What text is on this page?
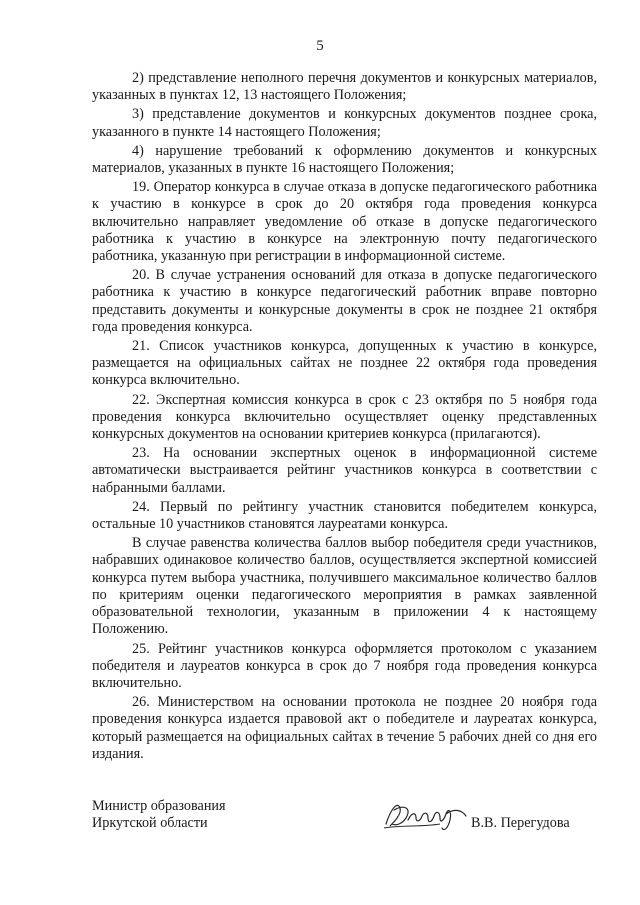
5

2) представление неполного перечня документов и конкурсных материалов, указанных в пунктах 12, 13 настоящего Положения;

3) представление документов и конкурсных документов позднее срока, указанного в пункте 14 настоящего Положения;

4) нарушение требований к оформлению документов и конкурсных материалов, указанных в пункте 16 настоящего Положения;

19. Оператор конкурса в случае отказа в допуске педагогического работника к участию в конкурсе в срок до 20 октября года проведения конкурса включительно направляет уведомление об отказе в допуске педагогического работника к участию в конкурсе на электронную почту педагогического работника, указанную при регистрации в информационной системе.

20. В случае устранения оснований для отказа в допуске педагогического работника к участию в конкурсе педагогический работник вправе повторно представить документы и конкурсные документы в срок не позднее 21 октября года проведения конкурса.

21. Список участников конкурса, допущенных к участию в конкурсе, размещается на официальных сайтах не позднее 22 октября года проведения конкурса включительно.

22. Экспертная комиссия конкурса в срок с 23 октября по 5 ноября года проведения конкурса включительно осуществляет оценку представленных конкурсных документов на основании критериев конкурса (прилагаются).

23. На основании экспертных оценок в информационной системе автоматически выстраивается рейтинг участников конкурса в соответствии с набранными баллами.

24. Первый по рейтингу участник становится победителем конкурса, остальные 10 участников становятся лауреатами конкурса.

В случае равенства количества баллов выбор победителя среди участников, набравших одинаковое количество баллов, осуществляется экспертной комиссией конкурса путем выбора участника, получившего максимальное количество баллов по критериям оценки педагогического мероприятия в рамках заявленной образовательной технологии, указанным в приложении 4 к настоящему Положению.

25. Рейтинг участников конкурса оформляется протоколом с указанием победителя и лауреатов конкурса в срок до 7 ноября года проведения конкурса включительно.

26. Министерством на основании протокола не позднее 20 ноября года проведения конкурса издается правовой акт о победителе и лауреатах конкурса, который размещается на официальных сайтах в течение 5 рабочих дней со дня его издания.

Министр образования
Иркутской области	В.В. Перегудова
